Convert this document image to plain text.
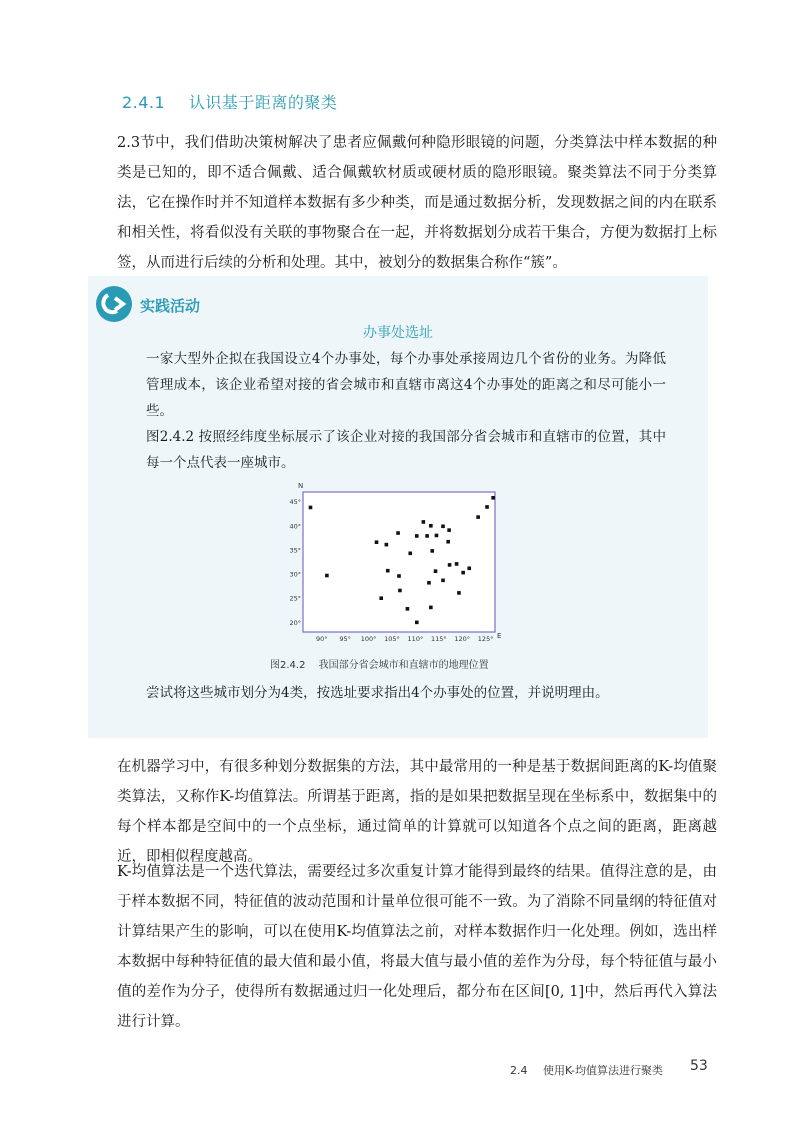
2.4.1 认识基于距离的聚类

2.3节中，我们借助决策树解决了患者应佩戴何种隐形眼镜的问题，分类算法中样本数据的种类是已知的，即不适合佩戴、适合佩戴软材质或硬材质的隐形眼镜。聚类算法不同于分类算法，它在操作时并不知道样本数据有多少种类，而是通过数据分析，发现数据之间的内在联系和相关性，将看似没有关联的事物聚合在一起，并将数据划分成若干集合，方便为数据打上标签，从而进行后续的分析和处理。其中，被划分的数据集合称作“簇”。

实践活动
办事处选址

一家大型外企拟在我国设立4个办事处，每个办事处承接周边几个省份的业务。为降低管理成本，该企业希望对接的省会城市和直辖市离这4个办事处的距离之和尽可能小一些。

图2.4.2 按照经纬度坐标展示了该企业对接的我国部分省会城市和直辖市的位置，其中每一个点代表一座城市。

尝试将这些城市划分为4类，按选址要求指出4个办事处的位置，并说明理由。

N
E
20°
25°
30°
35°
40°
45°
90° 95° 100° 105° 110° 115° 120° 125°
图2.4.2 我国部分省会城市和直辖市的地理位置

在机器学习中，有很多种划分数据集的方法，其中最常用的一种是基于数据间距离的K-均值聚类算法，又称作K-均值算法。所谓基于距离，指的是如果把数据呈现在坐标系中，数据集中的每个样本都是空间中的一个点坐标，通过简单的计算就可以知道各个点之间的距离，距离越近，即相似程度越高。

K-均值算法是一个迭代算法，需要经过多次重复计算才能得到最终的结果。值得注意的是，由于样本数据不同，特征值的波动范围和计量单位很可能不一致。为了消除不同量纲的特征值对计算结果产生的影响，可以在使用K-均值算法之前，对样本数据作归一化处理。例如，选出样本数据中每种特征值的最大值和最小值，将最大值与最小值的差作为分母，每个特征值与最小值的差作为分子，使得所有数据通过归一化处理后，都分布在区间[0, 1]中，然后再代入算法进行计算。

2.4 使用K-均值算法进行聚类 53
